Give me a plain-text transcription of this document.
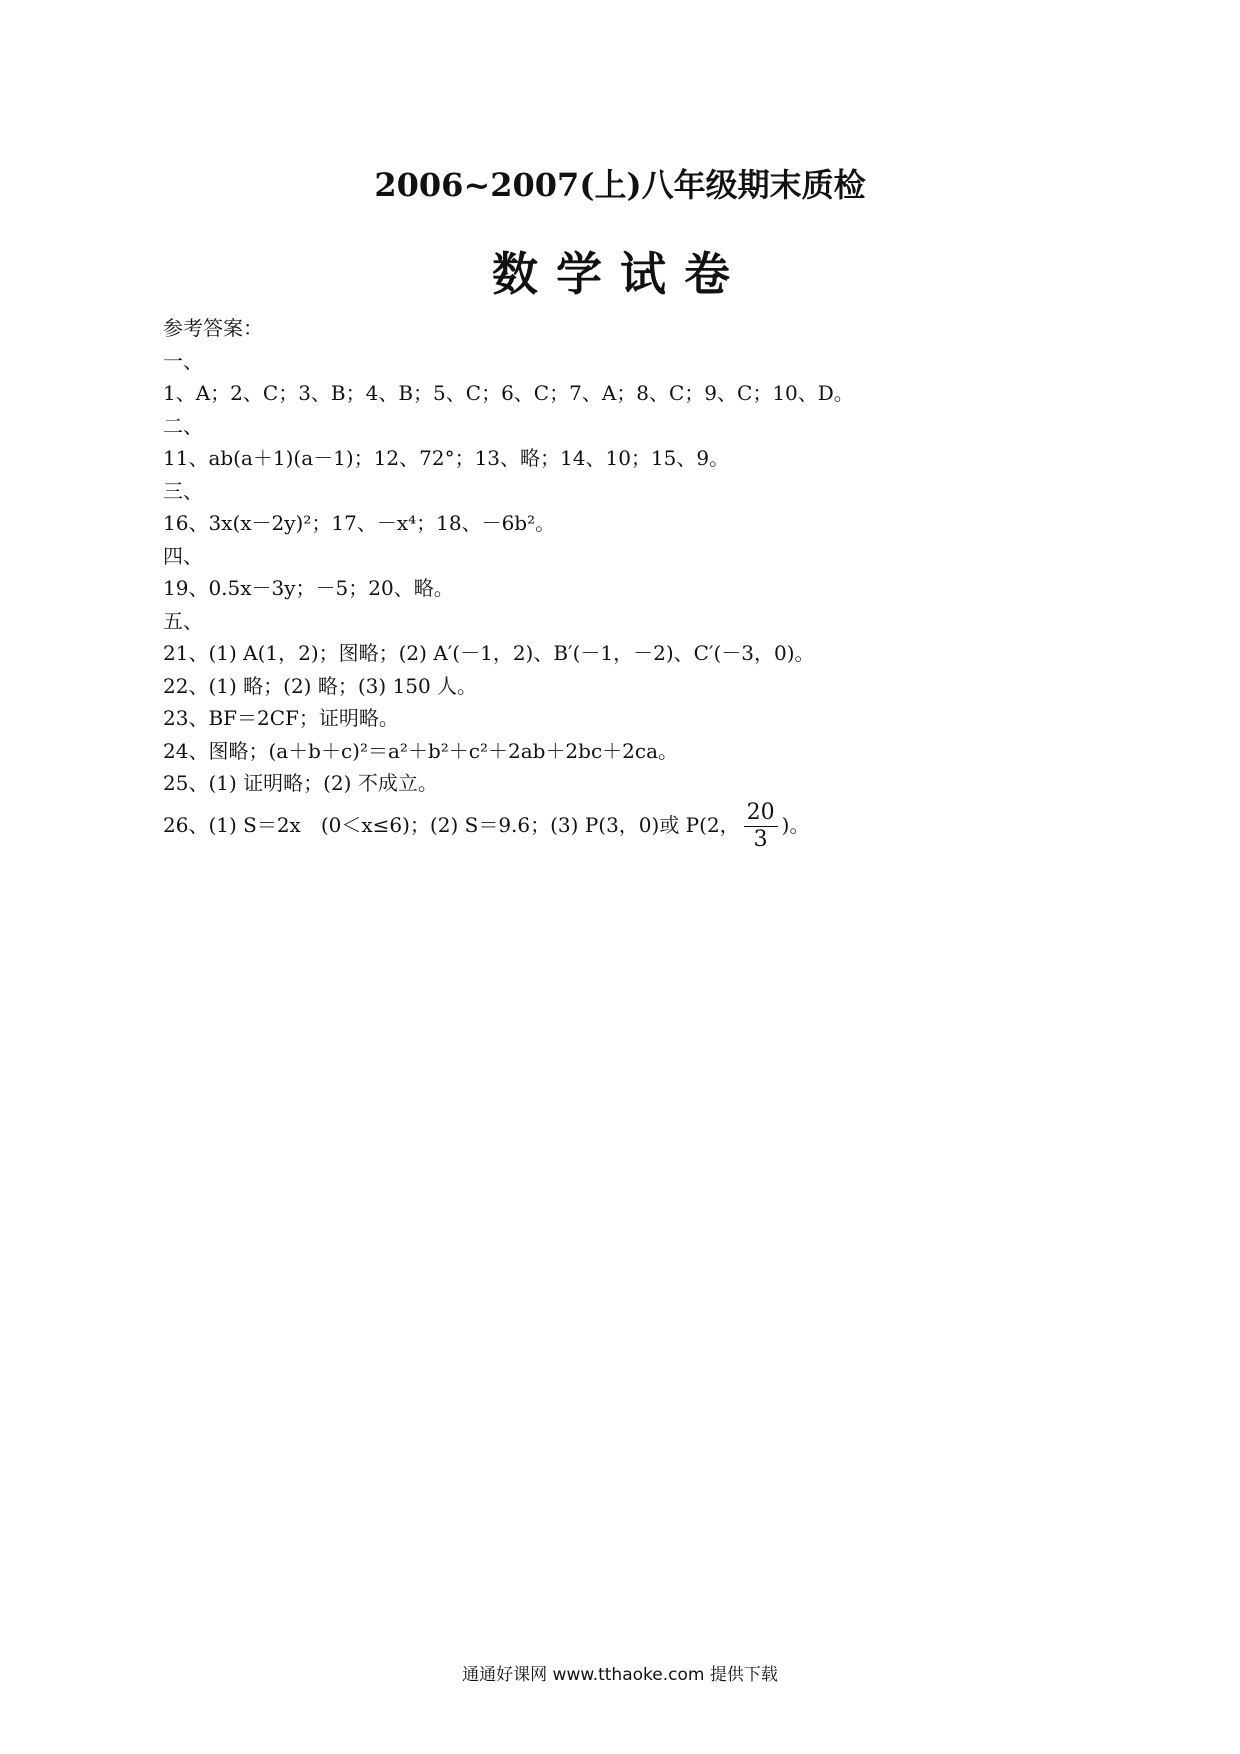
2006~2007(上)八年级期末质检
数学试卷
参考答案：
一、
1、A；2、C；3、B；4、B；5、C；6、C；7、A；8、C；9、C；10、D。
二、
11、ab(a＋1)(a－1)；12、72°；13、略；14、10；15、9。
三、
16、3x(x－2y)²；17、－x⁴；18、－6b²。
四、
19、0.5x－3y；－5；20、略。
五、
21、(1) A(1，2)；图略；(2) A′(－1，2)、B′(－1，－2)、C′(－3，0)。
22、(1) 略；(2) 略；(3) 150 人。
23、BF＝2CF；证明略。
24、图略；(a＋b＋c)²＝a²＋b²＋c²＋2ab＋2bc＋2ca。
25、(1) 证明略；(2) 不成立。
26、(1) S＝2x　(0＜x≤6)；(2) S＝9.6；(3) P(3，0)或 P(2， $\frac{20}{3}$ )。
通通好课网 www.tthaoke.com 提供下载
